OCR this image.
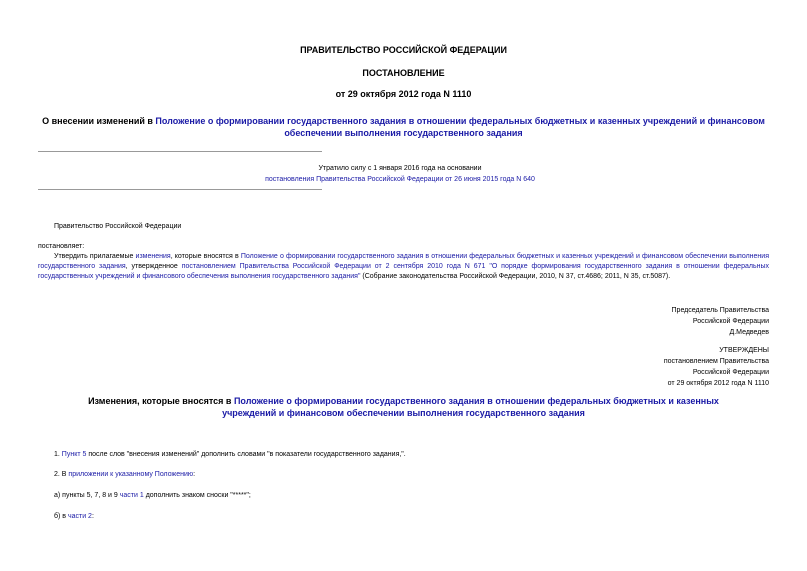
ПРАВИТЕЛЬСТВО РОССИЙСКОЙ ФЕДЕРАЦИИ
ПОСТАНОВЛЕНИЕ
от 29 октября 2012 года N 1110
О внесении изменений в Положение о формировании государственного задания в отношении федеральных бюджетных и казенных учреждений и финансовом обеспечении выполнения государственного задания
Утратило силу с 1 января 2016 года на основании
постановления Правительства Российской Федерации от 26 июня 2015 года N 640
Правительство Российской Федерации
постановляет:
Утвердить прилагаемые изменения, которые вносятся в Положение о формировании государственного задания в отношении федеральных бюджетных и казенных учреждений и финансовом обеспечении выполнения государственного задания, утвержденное постановлением Правительства Российской Федерации от 2 сентября 2010 года N 671 "О порядке формирования государственного задания в отношении федеральных государственных учреждений и финансового обеспечения выполнения государственного задания" (Собрание законодательства Российской Федерации, 2010, N 37, ст.4686; 2011, N 35, ст.5087).
Председатель Правительства
Российской Федерации
Д.Медведев
УТВЕРЖДЕНЫ
постановлением Правительства
Российской Федерации
от 29 октября 2012 года N 1110
Изменения, которые вносятся в Положение о формировании государственного задания в отношении федеральных бюджетных и казенных учреждений и финансовом обеспечении выполнения государственного задания
1. Пункт 5 после слов "внесения изменений" дополнить словами "в показатели государственного задания,".
2. В приложении к указанному Положению:
а) пункты 5, 7, 8 и 9 части 1 дополнить знаком сноски "*****";
б) в части 2:
